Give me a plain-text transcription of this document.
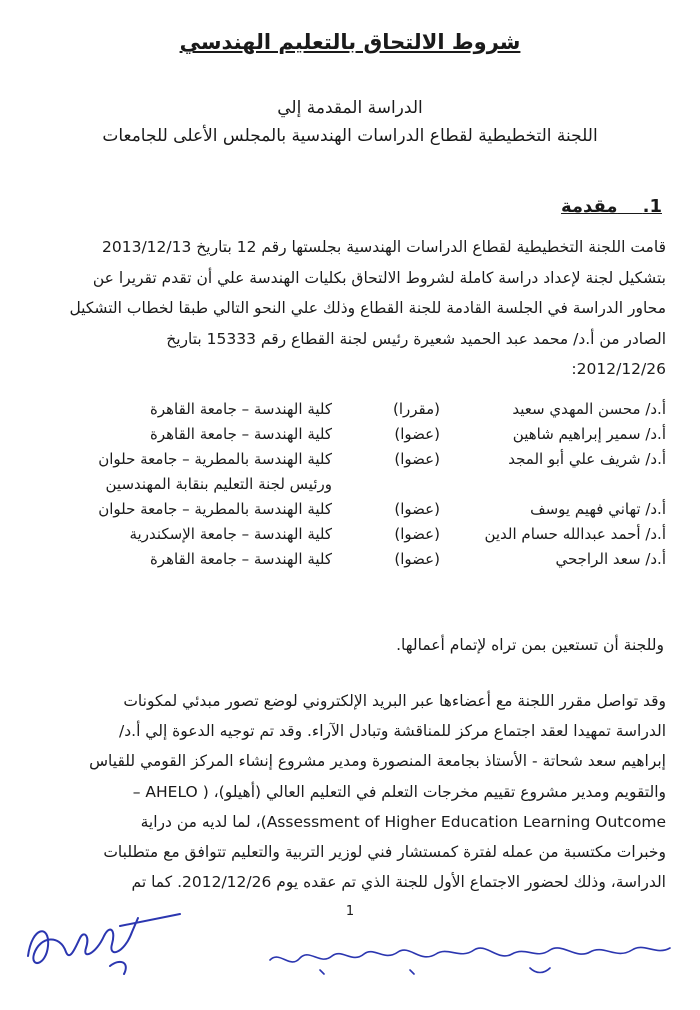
شروط الالتحاق بالتعليم الهندسي
الدراسة المقدمة إلي
اللجنة التخطيطية لقطاع الدراسات الهندسية بالمجلس الأعلى للجامعات
1.    مقدمة
قامت اللجنة التخطيطية لقطاع الدراسات الهندسية بجلستها رقم 12 بتاريخ 2013/12/13
بتشكيل لجنة لإعداد دراسة كاملة لشروط الالتحاق بكليات الهندسة علي أن تقدم تقريرا عن
محاور الدراسة في الجلسة القادمة للجنة القطاع وذلك علي النحو التالي طبقا لخطاب التشكيل
الصادر من أ.د/ محمد عبد الحميد شعيرة رئيس لجنة القطاع رقم 15333 بتاريخ
2012/12/26:
أ.د/ محسن المهدي سعيد
(مقررا)
كلية الهندسة – جامعة القاهرة
أ.د/ سمير إبراهيم شاهين
(عضوا)
كلية الهندسة – جامعة القاهرة
أ.د/ شريف علي أبو المجد
(عضوا)
كلية الهندسة بالمطرية – جامعة حلوان
ورئيس لجنة التعليم بنقابة المهندسين
أ.د/ تهاني فهيم يوسف
(عضوا)
كلية الهندسة بالمطرية – جامعة حلوان
أ.د/ أحمد عبدالله حسام الدين
(عضوا)
كلية الهندسة – جامعة الإسكندرية
أ.د/ سعد الراجحي
(عضوا)
كلية الهندسة – جامعة القاهرة
وللجنة أن تستعين بمن تراه لإتمام أعمالها.
وقد تواصل مقرر اللجنة مع أعضاءها عبر البريد الإلكتروني لوضع تصور مبدئي لمكونات
الدراسة تمهيدا لعقد اجتماع مركز للمناقشة وتبادل الآراء. وقد تم توجيه الدعوة إلي أ.د/
إبراهيم سعد شحاتة - الأستاذ بجامعة المنصورة ومدير مشروع إنشاء المركز القومي للقياس
والتقويم ومدير مشروع تقييم مخرجات التعلم في التعليم العالي (أهيلو)، ( AHELO –
Assessment of Higher Education Learning Outcome)، لما لديه من دراية
وخبرات مكتسبة من عمله لفترة كمستشار فني لوزير التربية والتعليم تتوافق مع متطلبات
الدراسة، وذلك لحضور الاجتماع الأول للجنة الذي تم عقده يوم 2012/12/26. كما تم
1
